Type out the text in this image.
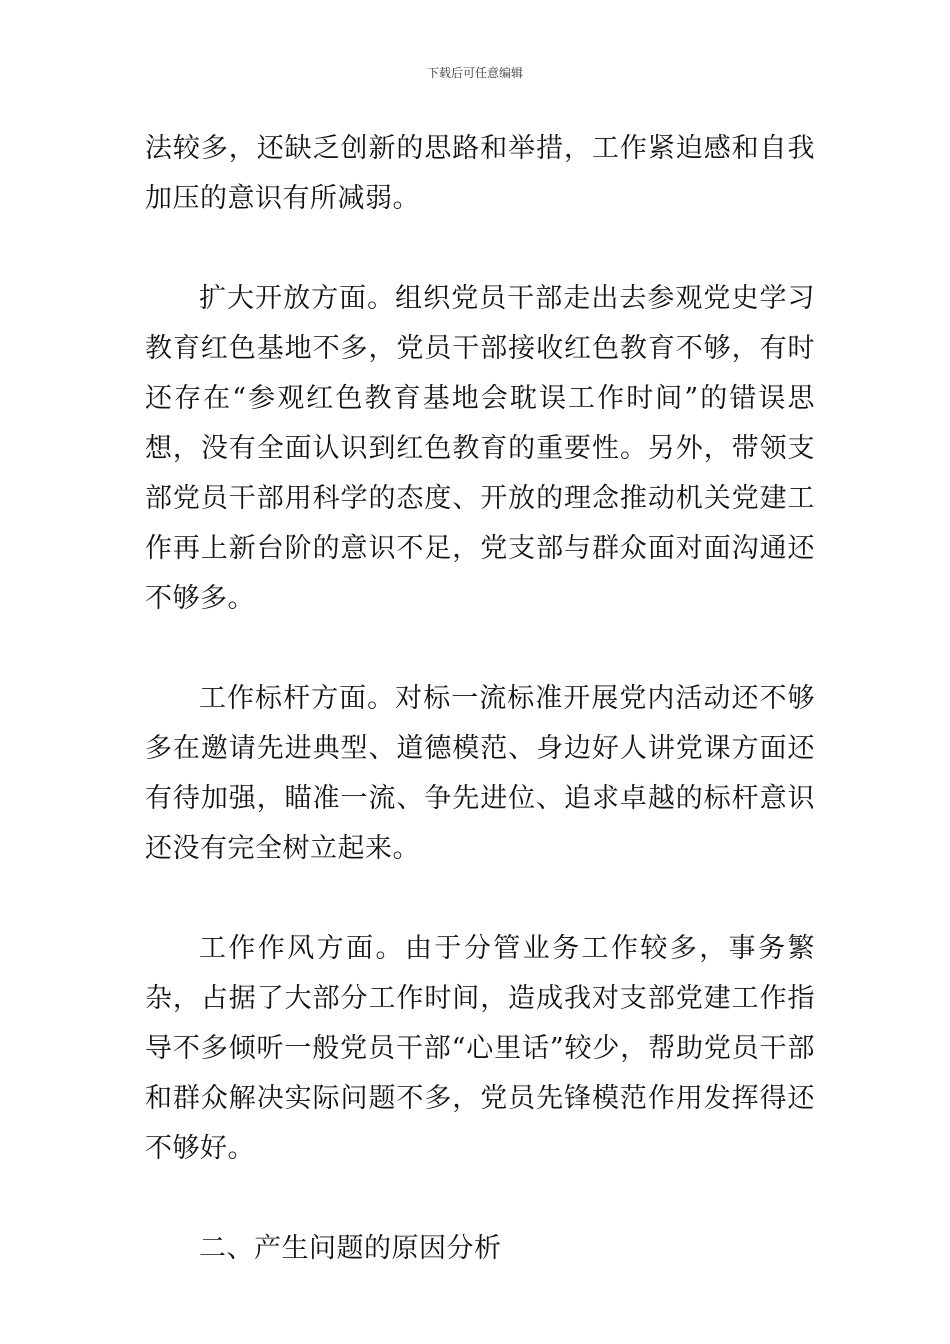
下载后可任意编辑

法较多，还缺乏创新的思路和举措，工作紧迫感和自我加压的意识有所减弱。

扩大开放方面。组织党员干部走出去参观党史学习教育红色基地不多，党员干部接收红色教育不够，有时还存在“参观红色教育基地会耽误工作时间”的错误思想，没有全面认识到红色教育的重要性。另外，带领支部党员干部用科学的态度、开放的理念推动机关党建工作再上新台阶的意识不足，党支部与群众面对面沟通还不够多。

工作标杆方面。对标一流标准开展党内活动还不够多在邀请先进典型、道德模范、身边好人讲党课方面还有待加强，瞄准一流、争先进位、追求卓越的标杆意识还没有完全树立起来。

工作作风方面。由于分管业务工作较多，事务繁杂，占据了大部分工作时间，造成我对支部党建工作指导不多倾听一般党员干部“心里话”较少，帮助党员干部和群众解决实际问题不多，党员先锋模范作用发挥得还不够好。

二、产生问题的原因分析
